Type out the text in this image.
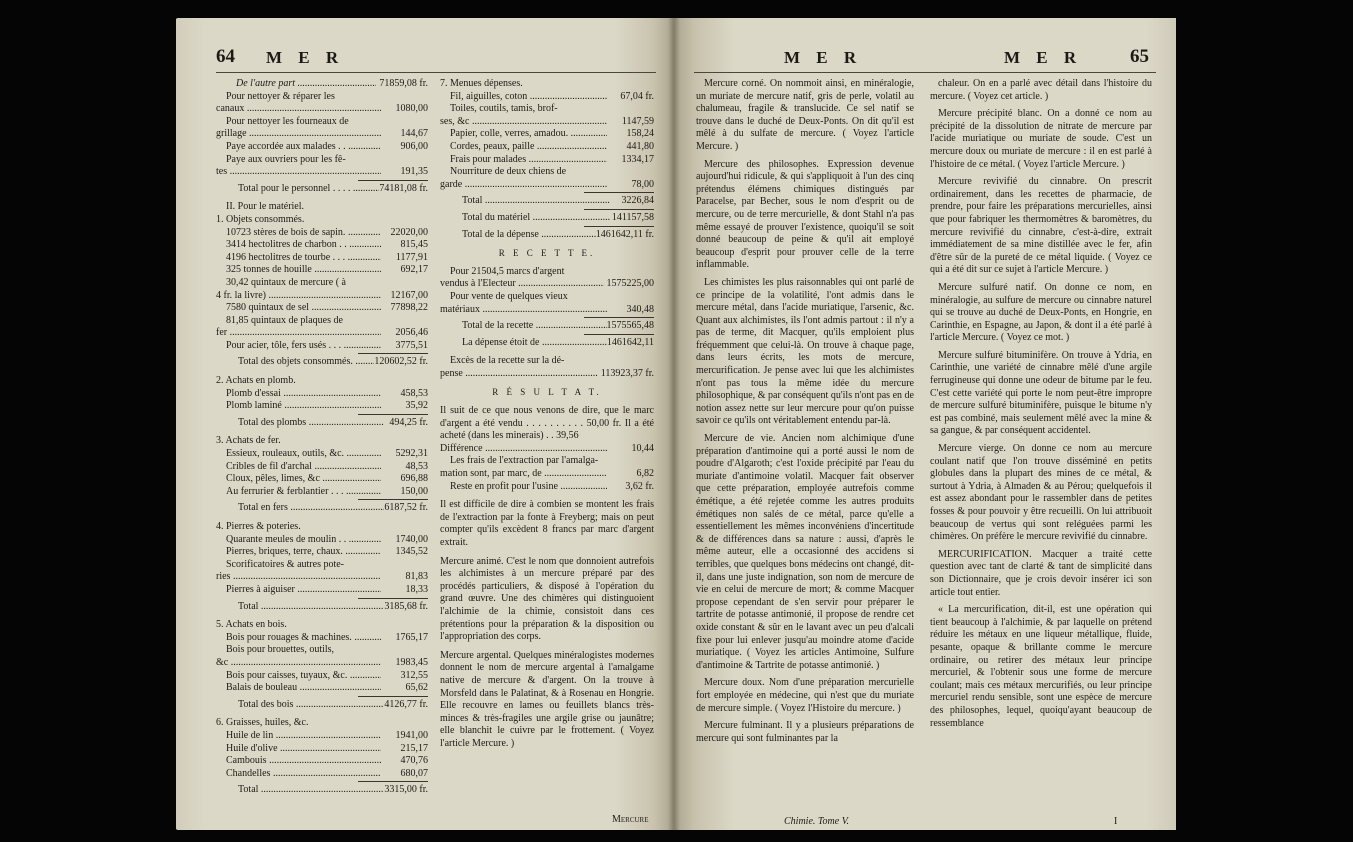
64 M E R
De l'autre part .....	71859,08 fr.
Pour nettoyer & réparer les
canaux .....	1080,00
Pour nettoyer les fourneaux de
grillage .....	144,67
Paye accordée aux malades . . .....	906,00
Paye aux ouvriers pour les fê-
tes .....	191,35
Total pour le personnel . . . . .....	74181,08 fr.
II. Pour le matériel.
1. Objets consommés.
10723 stères de bois de sapin. .....	22020,00
3414 hectolitres de charbon . . .....	815,45
4196 hectolitres de tourbe . . . .....	1177,91
325 tonnes de houille .....	692,17
30,42 quintaux de mercure ( à
4 fr. la livre) .....	12167,00
7580 quintaux de sel .....	77898,22
81,85 quintaux de plaques de
fer .....	2056,46
Pour acier, tôle, fers usés . . . .....	3775,51
Total des objets consommés. .....	120602,52 fr.
2. Achats en plomb.
Plomb d'essai .....	458,53
Plomb laminé .....	35,92
Total des plombs .....	494,25 fr.
3. Achats de fer.
Essieux, rouleaux, outils, &c. .....	5292,31
Cribles de fil d'archal .....	48,53
Cloux, pêles, limes, &c .....	696,88
Au ferrurier & ferblantier . . . .....	150,00
Total en fers .....	6187,52 fr.
4. Pierres & poteries.
Quarante meules de moulin . . .....	1740,00
Pierres, briques, terre, chaux. .....	1345,52
Scorificatoires & autres pote-
ries .....	81,83
Pierres à aiguiser .....	18,33
Total .....	3185,68 fr.
5. Achats en bois.
Bois pour rouages & machines. .....	1765,17
Bois pour brouettes, outils,
&c .....	1983,45
Bois pour caisses, tuyaux, &c. .....	312,55
Balais de bouleau .....	65,62
Total des bois .....	4126,77 fr.
6. Graisses, huiles, &c.
Huile de lin .....	1941,00
Huile d'olive .....	215,17
Cambouis .....	470,76
Chandelles .....	680,07
Total .....	3315,00 fr.
7. Menues dépenses.
Fil, aiguilles, coton .....	67,04 fr.
Toiles, coutils, tamis, brof-
ses, &c .....	1147,59
Papier, colle, verres, amadou. .....	158,24
Cordes, peaux, paille .....	441,80
Frais pour malades .....	1334,17
Nourriture de deux chiens de
garde .....	78,00
Total .....	3226,84
Total du matériel .....	141157,58
Total de la dépense .....	1461642,11 fr.
R E C E T T E.
Pour 21504,5 marcs d'argent
vendus à l'Electeur .....	1575225,00
Pour vente de quelques vieux
matériaux .....	340,48
Total de la recette .....	1575565,48
La dépense étoit de .....	1461642,11
Excès de la recette sur la dé-
pense .....	113923,37 fr.
R É S U L T A T.
Il suit de ce que nous venons de dire, que le marc d'argent a été vendu . . . . . . . . . . 50,00 fr. Il a été acheté (dans les minerais) . . 39,56
Différence .....	10,44
Les frais de l'extraction par l'amalga-
mation sont, par marc, de .....	6,82
Reste en profit pour l'usine .....	3,62 fr.
Il est difficile de dire à combien se montent les frais de l'extraction par la fonte à Freyberg; mais on peut compter qu'ils excèdent 8 francs par marc d'argent extrait.
Mercure animé. C'est le nom que donnoient autrefois les alchimistes à un mercure préparé par des procédés particuliers, & disposé à l'opération du grand œuvre. Une des chimères qui distinguoient l'alchimie de la chimie, consistoit dans ces prétentions pour la préparation & la disposition ou l'appropriation des corps.
Mercure argental. Quelques minéralogistes modernes donnent le nom de mercure argental à l'amalgame native de mercure & d'argent. On la trouve à Morsfeld dans le Palatinat, & à Rosenau en Hongrie. Elle recouvre en lames ou feuillets blancs très-minces & très-fragiles une argile grise ou jaunâtre; elle blanchit le cuivre par le frottement. ( Voyez l'article Mercure. )
Mercure
M E R	M E R	65
Mercure corné. On nommoit ainsi, en minéralogie, un muriate de mercure natif, gris de perle, volatil au chalumeau, fragile & translucide. Ce sel natif se trouve dans le duché de Deux-Ponts. On dit qu'il est mêlé à du sulfate de mercure. ( Voyez l'article Mercure. )
Mercure des philosophes. Expression devenue aujourd'hui ridicule, & qui s'appliquoit à l'un des cinq prétendus élémens chimiques distingués par Paracelse, par Becher, sous le nom d'esprit ou de mercure, ou de terre mercurielle, & dont Stahl n'a pas même essayé de prouver l'existence, quoiqu'il se soit donné beaucoup de peine & qu'il ait employé beaucoup d'esprit pour prouver celle de la terre inflammable.
Les chimistes les plus raisonnables qui ont parlé de ce principe de la volatilité, l'ont admis dans le mercure métal, dans l'acide muriatique, l'arsenic, &c. Quant aux alchimistes, ils l'ont admis partout : il n'y a pas de terme, dit Macquer, qu'ils emploient plus fréquemment que celui-là. On trouve à chaque page, dans leurs écrits, les mots de mercure, mercurification. Je pense avec lui que les alchimistes n'ont pas tous la même idée du mercure philosophique, & par conséquent qu'ils n'ont pas en de notion assez nette sur leur mercure pour qu'on puisse savoir ce qu'ils ont véritablement entendu par-là.
Mercure de vie. Ancien nom alchimique d'une préparation d'antimoine qui a porté aussi le nom de poudre d'Algaroth; c'est l'oxide précipité par l'eau du muriate d'antimoine volatil. Macquer fait observer que cette préparation, employée autrefois comme émétique, a été rejetée comme les autres produits émétiques non salés de ce métal, parce qu'elle a essentiellement les mêmes inconvéniens d'incertitude & de différences dans sa nature : aussi, d'après le même auteur, elle a occasionné des accidens si terribles, que quelques bons médecins ont changé, dit-il, dans une juste indignation, son nom de mercure de vie en celui de mercure de mort; & comme Macquer propose cependant de s'en servir pour préparer le tartrite de potasse antimonié, il propose de rendre cet oxide constant & sûr en le lavant avec un peu d'alcali fixe pour lui enlever jusqu'au moindre atome d'acide muriatique. ( Voyez les articles Antimoine, Sulfure d'antimoine & Tartrite de potasse antimonié. )
Mercure doux. Nom d'une préparation mercurielle fort employée en médecine, qui n'est que du muriate de mercure simple. ( Voyez l'Histoire du mercure. )
Mercure fulminant. Il y a plusieurs préparations de mercure qui sont fulminantes par la
chaleur. On en a parlé avec détail dans l'histoire du mercure. ( Voyez cet article. )
Mercure précipité blanc. On a donné ce nom au précipité de la dissolution de nitrate de mercure par l'acide muriatique ou muriate de soude. C'est un mercure doux ou muriate de mercure : il en est parlé à l'histoire de ce métal. ( Voyez l'article Mercure. )
Mercure revivifié du cinnabre. On prescrit ordinairement, dans les recettes de pharmacie, de prendre, pour faire les préparations mercurielles, ainsi que pour fabriquer les thermomètres & baromètres, du mercure revivifié du cinnabre, c'est-à-dire, extrait immédiatement de sa mine distillée avec le fer, afin d'être sûr de la pureté de ce métal liquide. ( Voyez ce qui a été dit sur ce sujet à l'article Mercure. )
Mercure sulfuré natif. On donne ce nom, en minéralogie, au sulfure de mercure ou cinnabre naturel qui se trouve au duché de Deux-Ponts, en Hongrie, en Carinthie, en Espagne, au Japon, & dont il a été parlé à l'article Mercure. ( Voyez ce mot. )
Mercure sulfuré bituminifère. On trouve à Ydria, en Carinthie, une variété de cinnabre mêlé d'une argile ferrugineuse qui donne une odeur de bitume par le feu. C'est cette variété qui porte le nom peut-être impropre de mercure sulfuré bituminifère, puisque le bitume n'y est pas combiné, mais seulement mêlé avec la mine & sa gangue, & par conséquent accidentel.
Mercure vierge. On donne ce nom au mercure coulant natif que l'on trouve disséminé en petits globules dans la plupart des mines de ce métal, & surtout à Ydria, à Almaden & au Pérou; quelquefois il est assez abondant pour le rassembler dans de petites fosses & pour pouvoir y être recueilli. On lui attribuoit beaucoup de vertus qui sont reléguées parmi les chimères. On préfère le mercure revivifié du cinnabre.
MERCURIFICATION. Macquer a traité cette question avec tant de clarté & tant de simplicité dans son Dictionnaire, que je crois devoir insérer ici son article tout entier.
« La mercurification, dit-il, est une opération qui tient beaucoup à l'alchimie, & par laquelle on prétend réduire les métaux en une liqueur métallique, fluide, pesante, opaque & brillante comme le mercure ordinaire, ou retirer des métaux leur principe mercuriel, & l'obtenir sous une forme de mercure coulant; mais ces métaux mercurifiés, ou leur principe mercuriel rendu sensible, sont une espèce de mercure des philosophes, lequel, quoiqu'ayant beaucoup de ressemblance
Chimie. Tome V.	I
